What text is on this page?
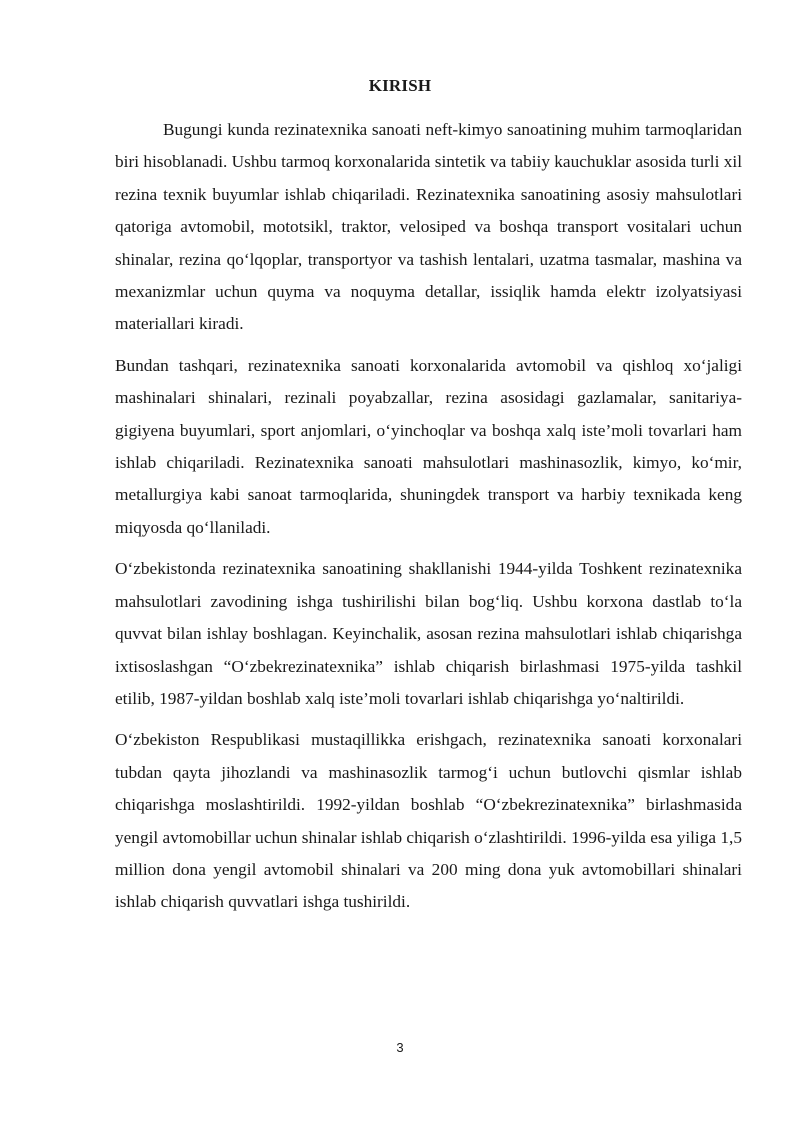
KIRISH

Bugungi kunda rezinatexnika sanoati neft-kimyo sanoatining muhim tarmoqlaridan biri hisoblanadi. Ushbu tarmoq korxonalarida sintetik va tabiiy kauchuklar asosida turli xil rezina texnik buyumlar ishlab chiqariladi. Rezinatexnika sanoatining asosiy mahsulotlari qatoriga avtomobil, mototsikl, traktor, velosiped va boshqa transport vositalari uchun shinalar, rezina qo‘lqoplar, transportyor va tashish lentalari, uzatma tasmalar, mashina va mexanizmlar uchun quyma va noquyma detallar, issiqlik hamda elektr izolyatsiyasi materiallari kiradi.

Bundan tashqari, rezinatexnika sanoati korxonalarida avtomobil va qishloq xo‘jaligi mashinalari shinalari, rezinali poyabzallar, rezina asosidagi gazlamalar, sanitariya-gigiyena buyumlari, sport anjomlari, o‘yinchoqlar va boshqa xalq iste’moli tovarlari ham ishlab chiqariladi. Rezinatexnika sanoati mahsulotlari mashinasozlik, kimyo, ko‘mir, metallurgiya kabi sanoat tarmoqlarida, shuningdek transport va harbiy texnikada keng miqyosda qo‘llaniladi.

O‘zbekistonda rezinatexnika sanoatining shakllanishi 1944-yilda Toshkent rezinatexnika mahsulotlari zavodining ishga tushirilishi bilan bog‘liq. Ushbu korxona dastlab to‘la quvvat bilan ishlay boshlagan. Keyinchalik, asosan rezina mahsulotlari ishlab chiqarishga ixtisoslashgan “O‘zbekrezinatexnika” ishlab chiqarish birlashmasi 1975-yilda tashkil etilib, 1987-yildan boshlab xalq iste’moli tovarlari ishlab chiqarishga yo‘naltirildi.

O‘zbekiston Respublikasi mustaqillikka erishgach, rezinatexnika sanoati korxonalari tubdan qayta jihozlandi va mashinasozlik tarmog‘i uchun butlovchi qismlar ishlab chiqarishga moslashtirildi. 1992-yildan boshlab “O‘zbekrezinatexnika” birlashmasida yengil avtomobillar uchun shinalar ishlab chiqarish o‘zlashtirildi. 1996-yilda esa yiliga 1,5 million dona yengil avtomobil shinalari va 200 ming dona yuk avtomobillari shinalari ishlab chiqarish quvvatlari ishga tushirildi.

3
